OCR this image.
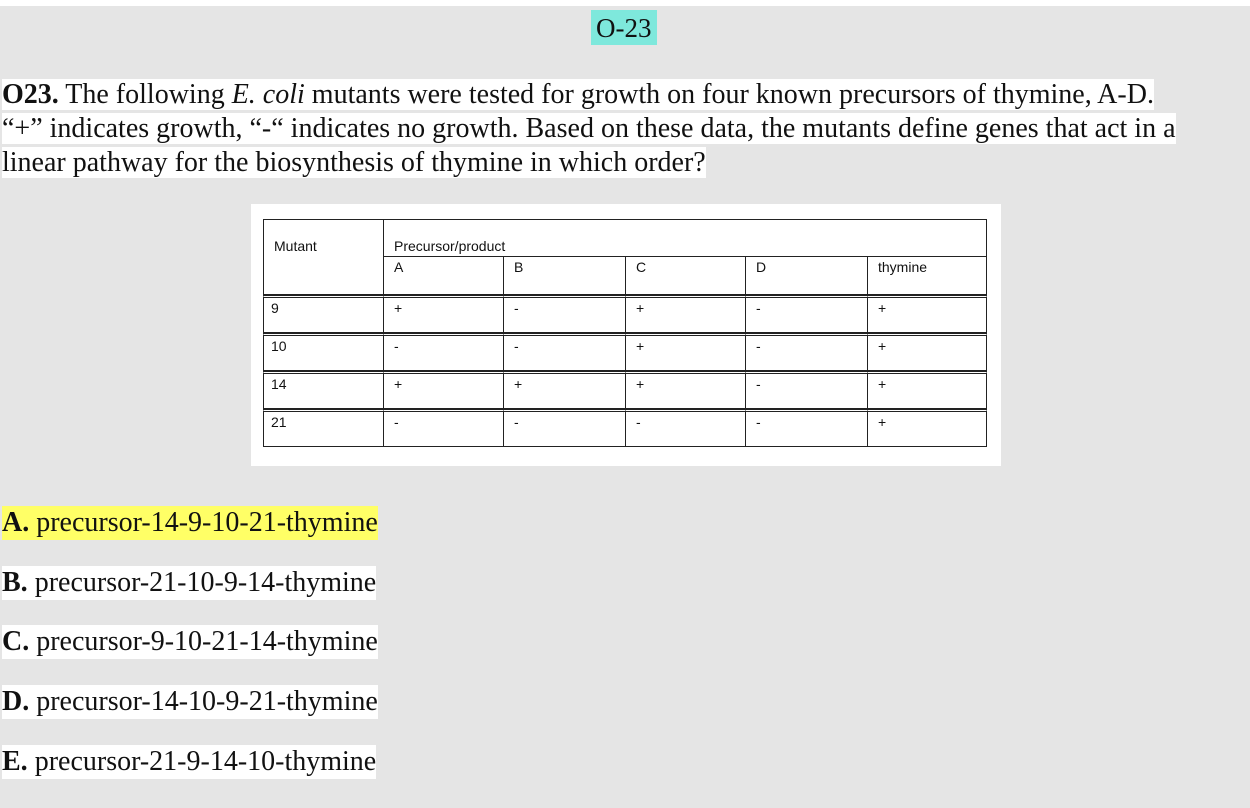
O-23
O23. The following E. coli mutants were tested for growth on four known precursors of thymine, A-D.
“+” indicates growth, “-“ indicates no growth. Based on these data, the mutants define genes that act in a
linear pathway for the biosynthesis of thymine in which order?
Mutant	Precursor/product				
	A	B	C	D	thymine
9	+	-	+	-	+
10	-	-	+	-	+
14	+	+	+	-	+
21	-	-	-	-	+
A. precursor-14-9-10-21-thymine
B. precursor-21-10-9-14-thymine
C. precursor-9-10-21-14-thymine
D. precursor-14-10-9-21-thymine
E. precursor-21-9-14-10-thymine
